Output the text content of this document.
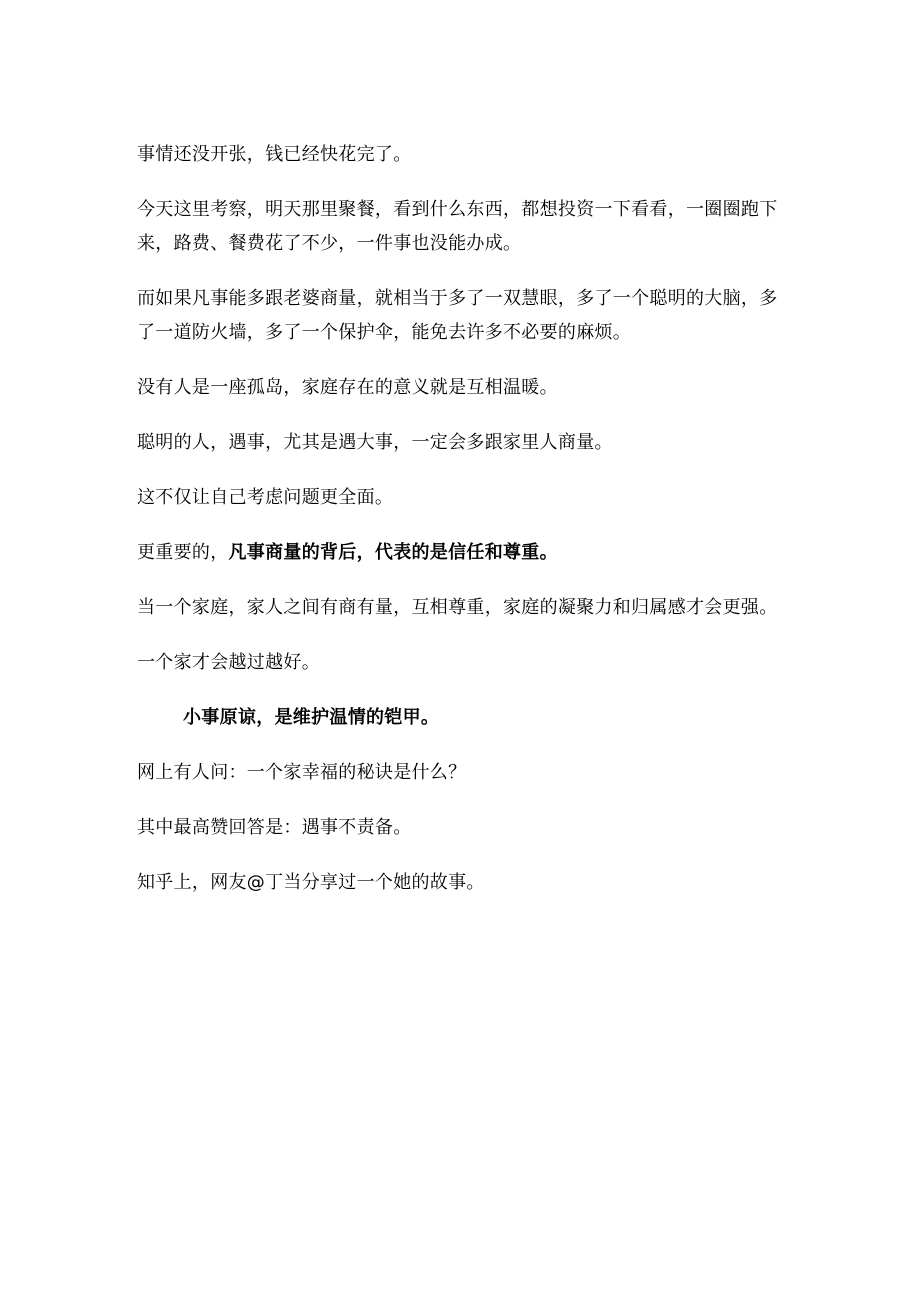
事情还没开张，钱已经快花完了。

今天这里考察，明天那里聚餐，看到什么东西，都想投资一下看看，一圈圈跑下来，路费、餐费花了不少，一件事也没能办成。

而如果凡事能多跟老婆商量，就相当于多了一双慧眼，多了一个聪明的大脑，多了一道防火墙，多了一个保护伞，能免去许多不必要的麻烦。

没有人是一座孤岛，家庭存在的意义就是互相温暖。

聪明的人，遇事，尤其是遇大事，一定会多跟家里人商量。

这不仅让自己考虑问题更全面。

更重要的，凡事商量的背后，代表的是信任和尊重。

当一个家庭，家人之间有商有量，互相尊重，家庭的凝聚力和归属感才会更强。

一个家才会越过越好。

小事原谅，是维护温情的铠甲。

网上有人问：一个家幸福的秘诀是什么？

其中最高赞回答是：遇事不责备。

知乎上，网友@丁当分享过一个她的故事。
